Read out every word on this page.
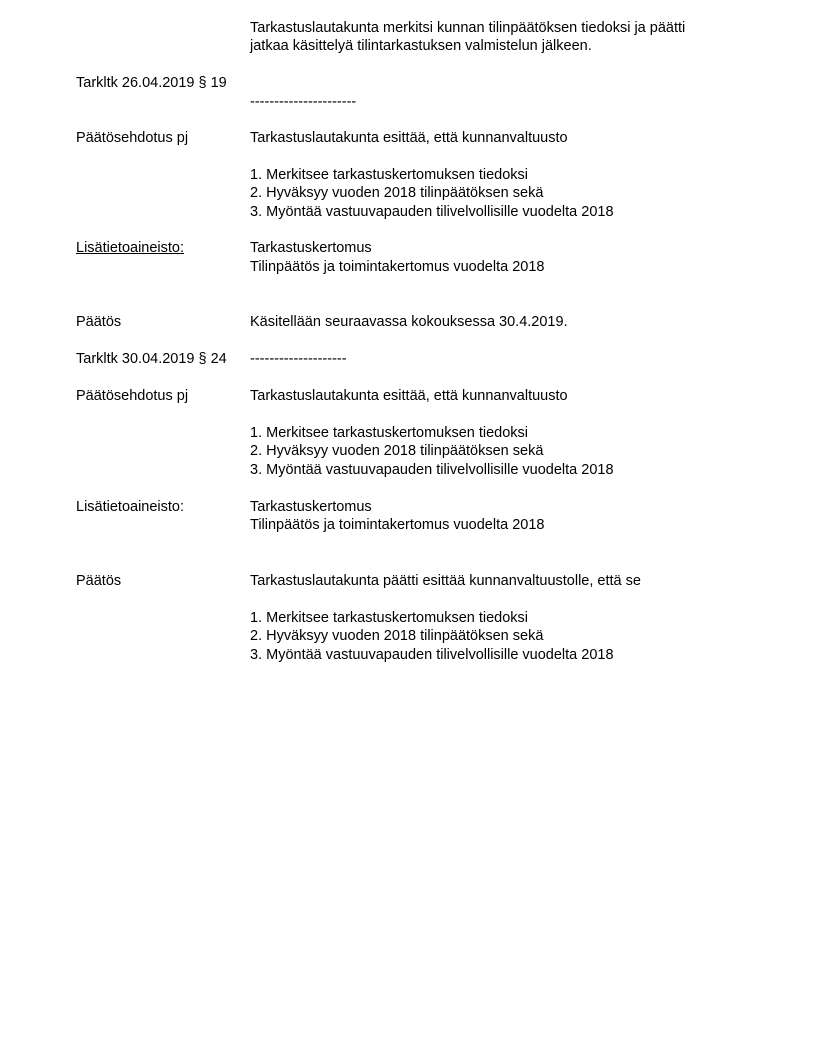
Tarkastuslautakunta merkitsi kunnan tilinpäätöksen tiedoksi ja päätti
jatkaa käsittelyä tilintarkastuksen valmistelun jälkeen.
Tarkltk 26.04.2019 § 19
----------------------
Päätösehdotus pj	Tarkastuslautakunta esittää, että kunnanvaltuusto
1. Merkitsee tarkastuskertomuksen tiedoksi
2. Hyväksyy vuoden 2018 tilinpäätöksen sekä
3. Myöntää vastuuvapauden tilivelvollisille vuodelta 2018
Lisätietoaineisto:	Tarkastuskertomus
Tilinpäätös ja toimintakertomus vuodelta 2018
Päätös	Käsitellään seuraavassa kokouksessa 30.4.2019.
Tarkltk 30.04.2019 § 24 --------------------
Päätösehdotus pj	Tarkastuslautakunta esittää, että kunnanvaltuusto
1. Merkitsee tarkastuskertomuksen tiedoksi
2. Hyväksyy vuoden 2018 tilinpäätöksen sekä
3. Myöntää vastuuvapauden tilivelvollisille vuodelta 2018
Lisätietoaineisto:	Tarkastuskertomus
Tilinpäätös ja toimintakertomus vuodelta 2018
Päätös	Tarkastuslautakunta päätti esittää kunnanvaltuustolle, että se
1. Merkitsee tarkastuskertomuksen tiedoksi
2. Hyväksyy vuoden 2018 tilinpäätöksen sekä
3. Myöntää vastuuvapauden tilivelvollisille vuodelta 2018
